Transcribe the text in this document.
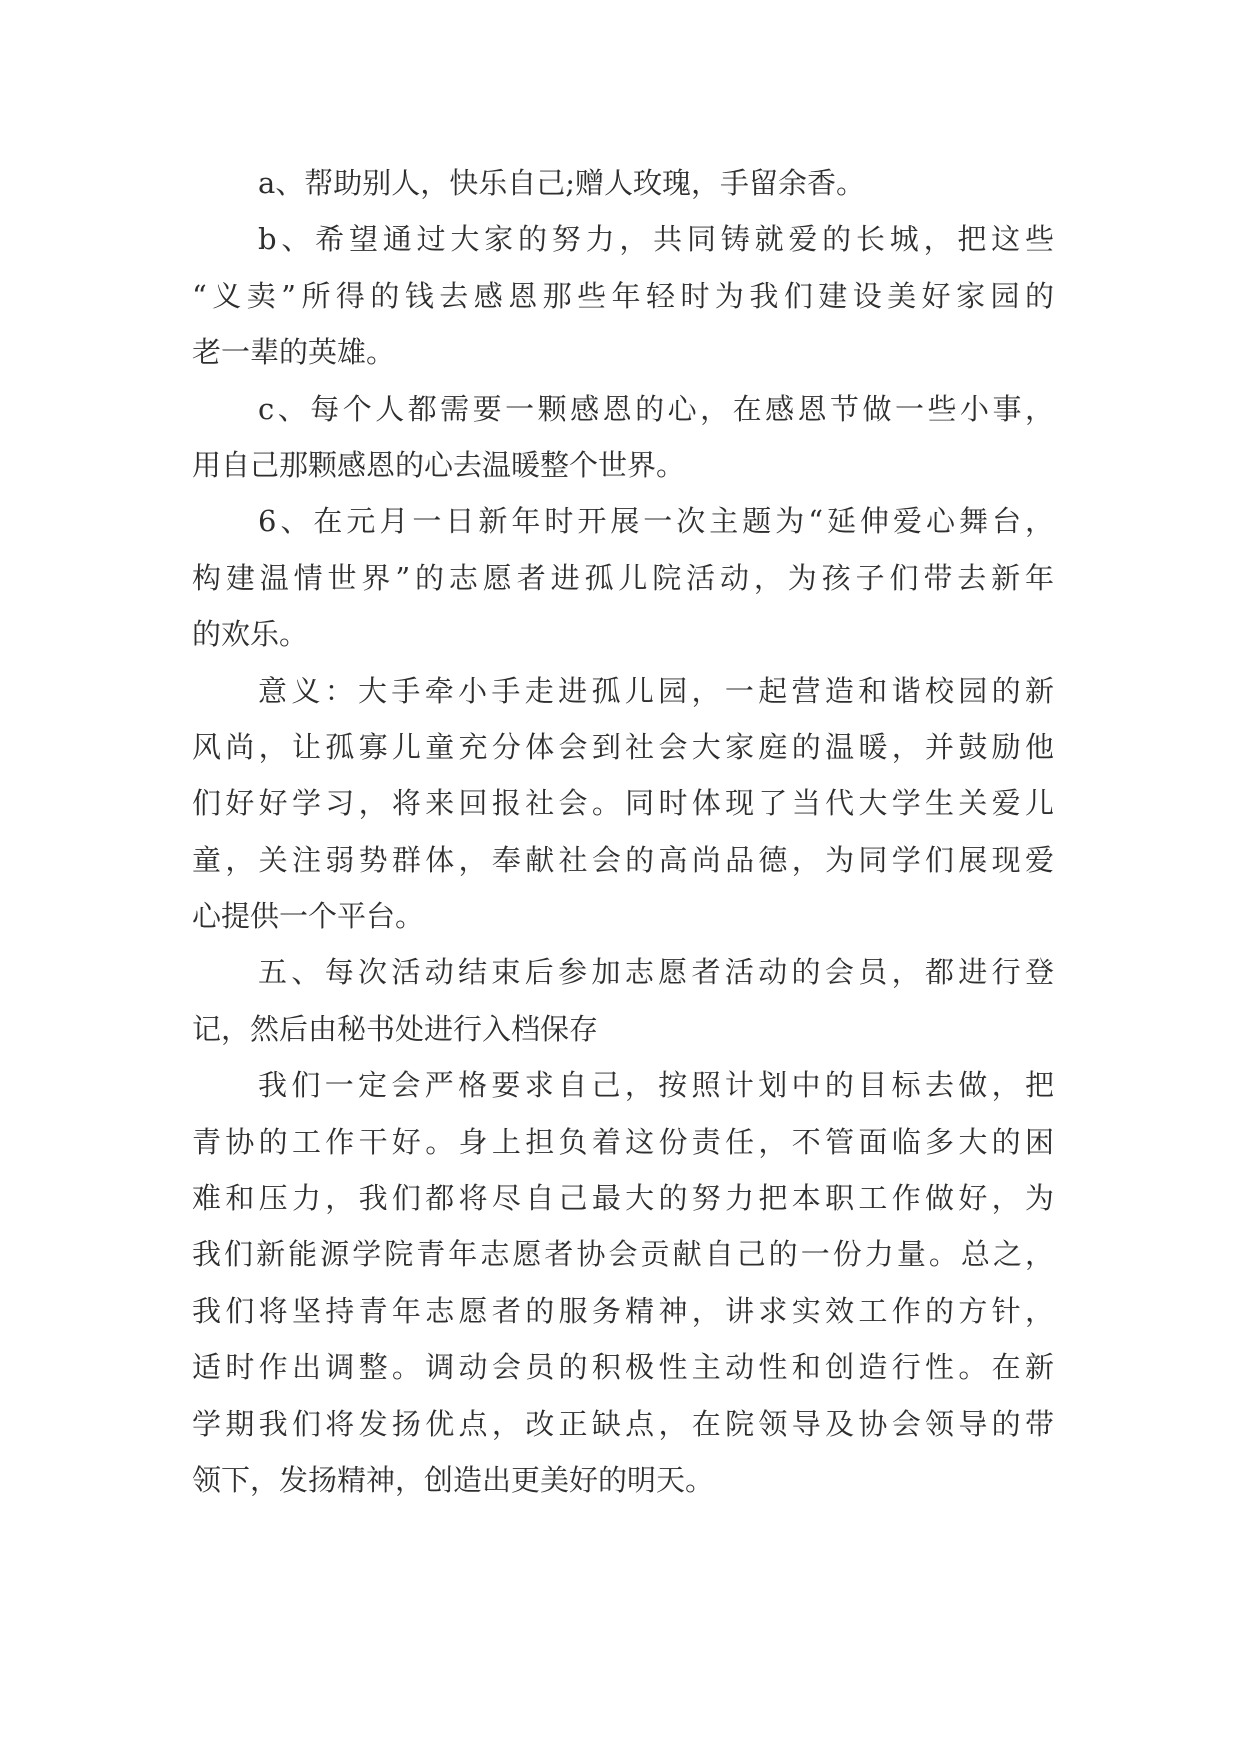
a、帮助别人，快乐自己;赠人玫瑰，手留余香。
b、希望通过大家的努力，共同铸就爱的长城，把这些
“义卖”所得的钱去感恩那些年轻时为我们建设美好家园的
老一辈的英雄。
c、每个人都需要一颗感恩的心，在感恩节做一些小事，
用自己那颗感恩的心去温暖整个世界。
6、在元月一日新年时开展一次主题为“延伸爱心舞台，
构建温情世界”的志愿者进孤儿院活动，为孩子们带去新年
的欢乐。
意义：大手牵小手走进孤儿园，一起营造和谐校园的新
风尚，让孤寡儿童充分体会到社会大家庭的温暖，并鼓励他
们好好学习，将来回报社会。同时体现了当代大学生关爱儿
童，关注弱势群体，奉献社会的高尚品德，为同学们展现爱
心提供一个平台。
五、每次活动结束后参加志愿者活动的会员，都进行登
记，然后由秘书处进行入档保存
我们一定会严格要求自己，按照计划中的目标去做，把
青协的工作干好。身上担负着这份责任，不管面临多大的困
难和压力，我们都将尽自己最大的努力把本职工作做好，为
我们新能源学院青年志愿者协会贡献自己的一份力量。总之，
我们将坚持青年志愿者的服务精神，讲求实效工作的方针，
适时作出调整。调动会员的积极性主动性和创造行性。在新
学期我们将发扬优点，改正缺点，在院领导及协会领导的带
领下，发扬精神，创造出更美好的明天。
